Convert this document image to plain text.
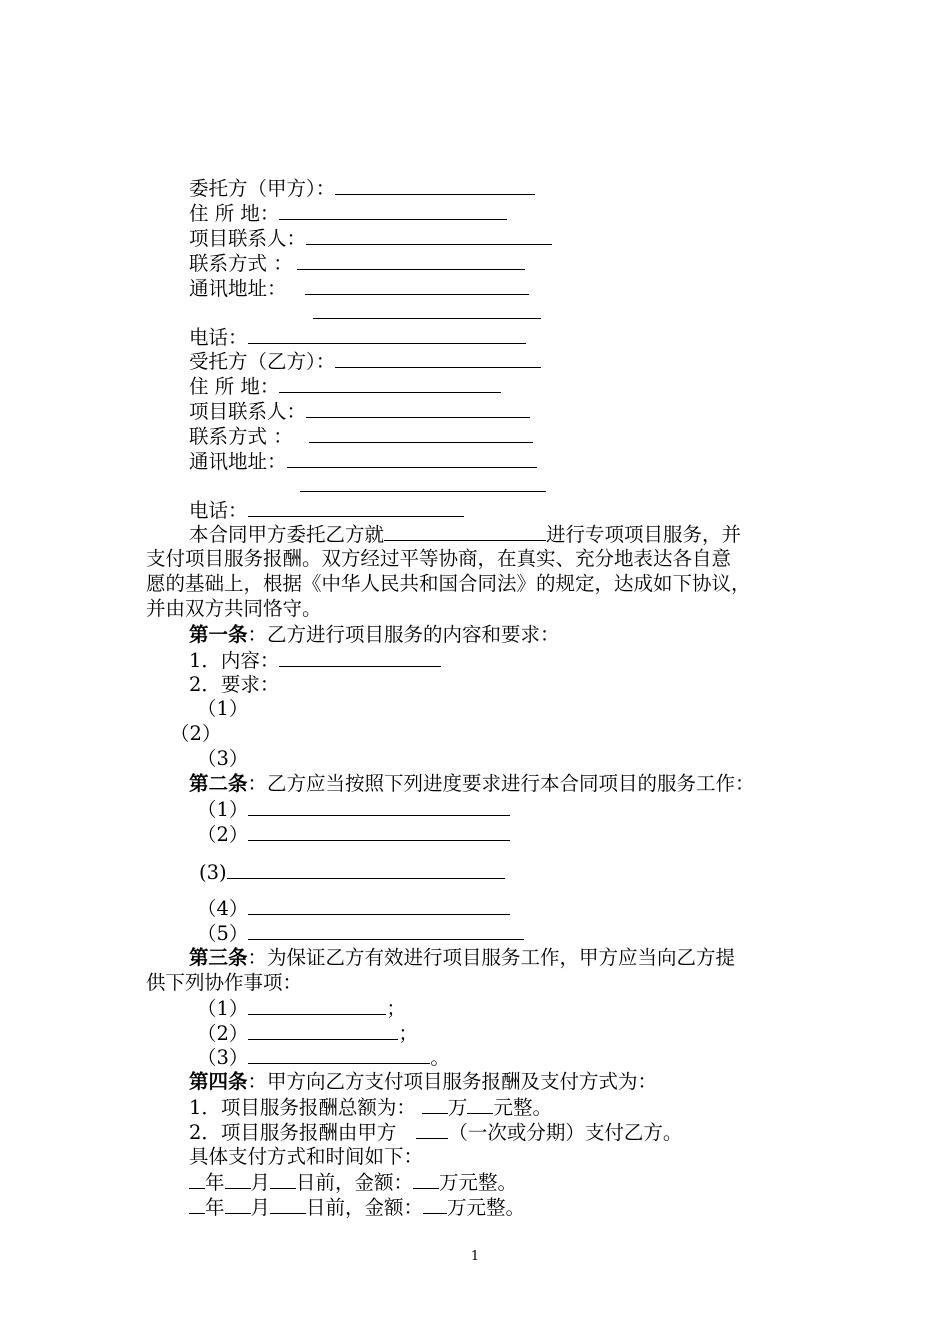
委托方（甲方）：
住 所 地：
项目联系人：
联系方式 ：
通讯地址：
电话：
受托方（乙方）：
住 所 地：
项目联系人：
联系方式 ：
通讯地址：
电话：
本合同甲方委托乙方就	进行专项项目服务，并
支付项目服务报酬。双方经过平等协商，在真实、充分地表达各自意
愿的基础上，根据《中华人民共和国合同法》的规定，达成如下协议，
并由双方共同恪守。
第一条：乙方进行项目服务的内容和要求：
1．内容：
2．要求：
（1）
（2）
（3）
第二条：乙方应当按照下列进度要求进行本合同项目的服务工作：
（1）
（2）
(3)
（4）
（5）
第三条：为保证乙方有效进行项目服务工作，甲方应当向乙方提
供下列协作事项：
（1）	；
（2）	；
（3）	。
第四条：甲方向乙方支付项目服务报酬及支付方式为：
1．项目服务报酬总额为： 万 元整。
2．项目服务报酬由甲方	（一次或分期）支付乙方。
具体支付方式和时间如下：
年 月 日前，金额： 万元整。
年 月 日前，金额： 万元整。
1
